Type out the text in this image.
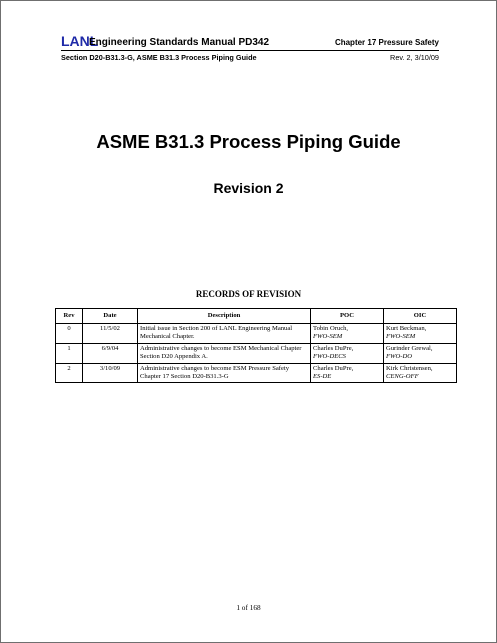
LANL
Engineering Standards Manual PD342	Chapter 17 Pressure Safety
Section D20-B31.3-G, ASME B31.3 Process Piping Guide	Rev. 2, 3/10/09
ASME B31.3 Process Piping Guide
Revision 2
RECORDS OF REVISION
Rev	Date	Description	POC	OIC
0	11/5/02	Initial issue in Section 200 of LANL Engineering Manual Mechanical Chapter.	Tobin Oruch,
FWO-SEM	Kurt Beckman,
FWO-SEM

1	6/9/04	Administrative changes to become ESM Mechanical Chapter Section D20 Appendix A.	Charles DuPre,
FWO-DECS	Gurinder Grewal,
FWO-DO

2	3/10/09	Administrative changes to become ESM Pressure Safety Chapter 17 Section D20-B31.3-G	Charles DuPre,
ES-DE	Kirk Christensen,
CENG-OFF
1 of 168
